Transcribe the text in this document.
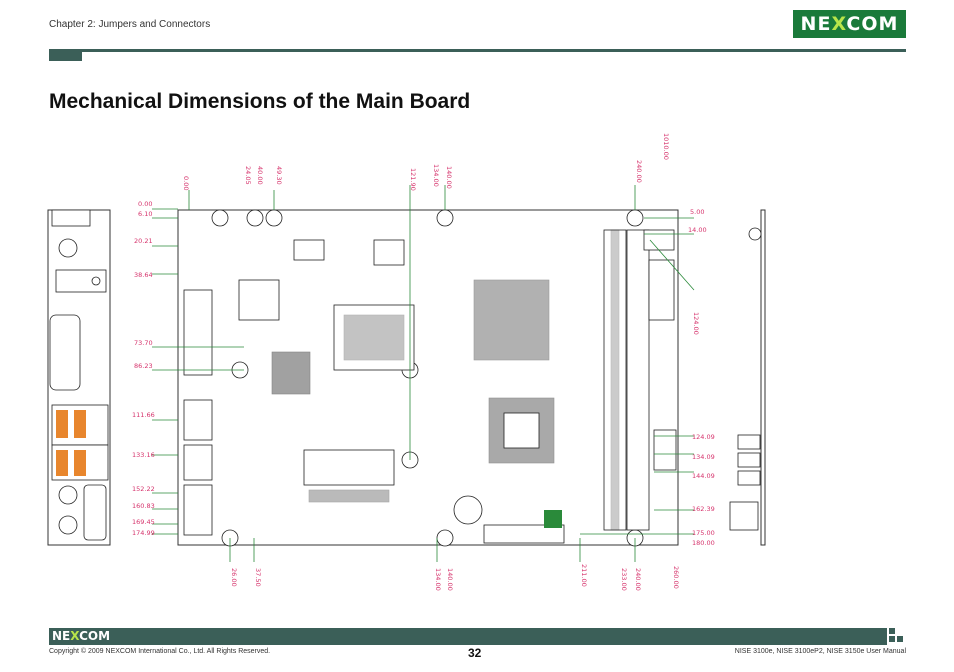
Chapter 2: Jumpers and Connectors	NEXCOM
Mechanical Dimensions of the Main Board
0.00	24.05 40.00 49.30	121.90 134.00 140.00	240.00
1010.00
0.00
6.10
20.21
38.64
73.70
86.23
111.66
133.16
152.22
160.83
169.45
174.99
5.00
14.00
124.00
124.09
134.09
144.09
162.39
175.00
180.00
26.00 37.50	134.00 140.00	211.00	233.00 240.00	260.00
NEXCOM
Copyright © 2009 NEXCOM International Co., Ltd. All Rights Reserved.	32	NISE 3100e, NISE 3100eP2, NISE 3150e User Manual
